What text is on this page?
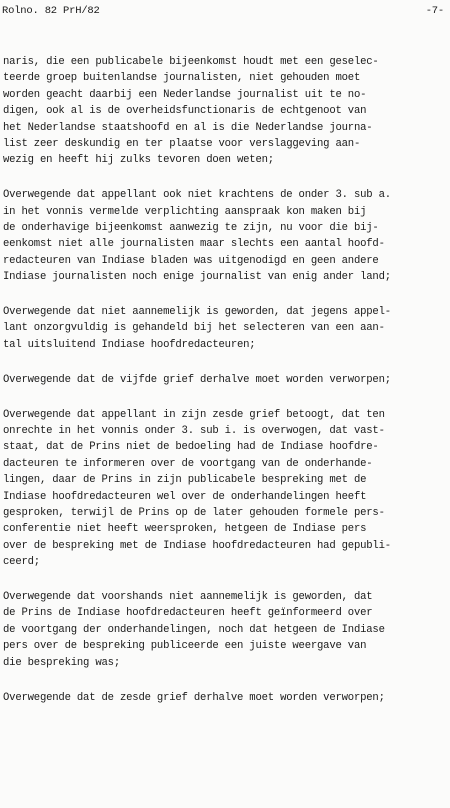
Rolno. 82 PrH/82	-7-
naris, die een publicabele bijeenkomst houdt met een geselec-
teerde groep buitenlandse journalisten, niet gehouden moet
worden geacht daarbij een Nederlandse journalist uit te no-
digen, ook al is de overheidsfunctionaris de echtgenoot van
het Nederlandse staatshoofd en al is die Nederlandse journa-
list zeer deskundig en ter plaatse voor verslaggeving aan-
wezig en heeft hij zulks tevoren doen weten;
Overwegende dat appellant ook niet krachtens de onder 3. sub a.
in het vonnis vermelde verplichting aanspraak kon maken bij
de onderhavige bijeenkomst aanwezig te zijn, nu voor die bij-
eenkomst niet alle journalisten maar slechts een aantal hoofd-
redacteuren van Indiase bladen was uitgenodigd en geen andere
Indiase journalisten noch enige journalist van enig ander land;
Overwegende dat niet aannemelijk is geworden, dat jegens appel-
lant onzorgvuldig is gehandeld bij het selecteren van een aan-
tal uitsluitend Indiase hoofdredacteuren;
Overwegende dat de vijfde grief derhalve moet worden verworpen;
Overwegende dat appellant in zijn zesde grief betoogt, dat ten
onrechte in het vonnis onder 3. sub i. is overwogen, dat vast-
staat, dat de Prins niet de bedoeling had de Indiase hoofdre-
dacteuren te informeren over de voortgang van de onderhande-
lingen, daar de Prins in zijn publicabele bespreking met de
Indiase hoofdredacteuren wel over de onderhandelingen heeft
gesproken, terwijl de Prins op de later gehouden formele pers-
conferentie niet heeft weersproken, hetgeen de Indiase pers
over de bespreking met de Indiase hoofdredacteuren had gepubli-
ceerd;
Overwegende dat voorshands niet aannemelijk is geworden, dat
de Prins de Indiase hoofdredacteuren heeft geïnformeerd over
de voortgang der onderhandelingen, noch dat hetgeen de Indiase
pers over de bespreking publiceerde een juiste weergave van
die bespreking was;
Overwegende dat de zesde grief derhalve moet worden verworpen;
